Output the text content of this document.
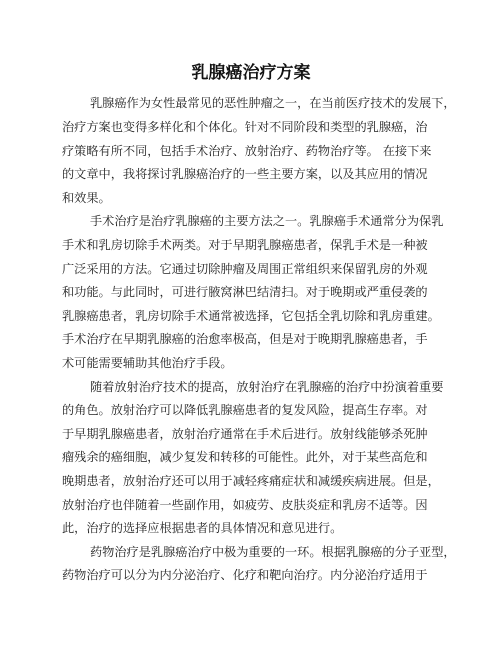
乳腺癌治疗方案
乳腺癌作为女性最常见的恶性肿瘤之一，在当前医疗技术的发展下，
治疗方案也变得多样化和个体化。针对不同阶段和类型的乳腺癌，治
疗策略有所不同，包括手术治疗、放射治疗、药物治疗等。 在接下来
的文章中，我将探讨乳腺癌治疗的一些主要方案，以及其应用的情况
和效果。
手术治疗是治疗乳腺癌的主要方法之一。乳腺癌手术通常分为保乳
手术和乳房切除手术两类。对于早期乳腺癌患者，保乳手术是一种被
广泛采用的方法。它通过切除肿瘤及周围正常组织来保留乳房的外观
和功能。与此同时，可进行腋窝淋巴结清扫。对于晚期或严重侵袭的
乳腺癌患者，乳房切除手术通常被选择，它包括全乳切除和乳房重建。
手术治疗在早期乳腺癌的治愈率极高，但是对于晚期乳腺癌患者，手
术可能需要辅助其他治疗手段。
随着放射治疗技术的提高，放射治疗在乳腺癌的治疗中扮演着重要
的角色。放射治疗可以降低乳腺癌患者的复发风险，提高生存率。对
于早期乳腺癌患者，放射治疗通常在手术后进行。放射线能够杀死肿
瘤残余的癌细胞，减少复发和转移的可能性。此外，对于某些高危和
晚期患者，放射治疗还可以用于减轻疼痛症状和减缓疾病进展。但是，
放射治疗也伴随着一些副作用，如疲劳、皮肤炎症和乳房不适等。因
此，治疗的选择应根据患者的具体情况和意见进行。
药物治疗是乳腺癌治疗中极为重要的一环。根据乳腺癌的分子亚型，
药物治疗可以分为内分泌治疗、化疗和靶向治疗。内分泌治疗适用于
